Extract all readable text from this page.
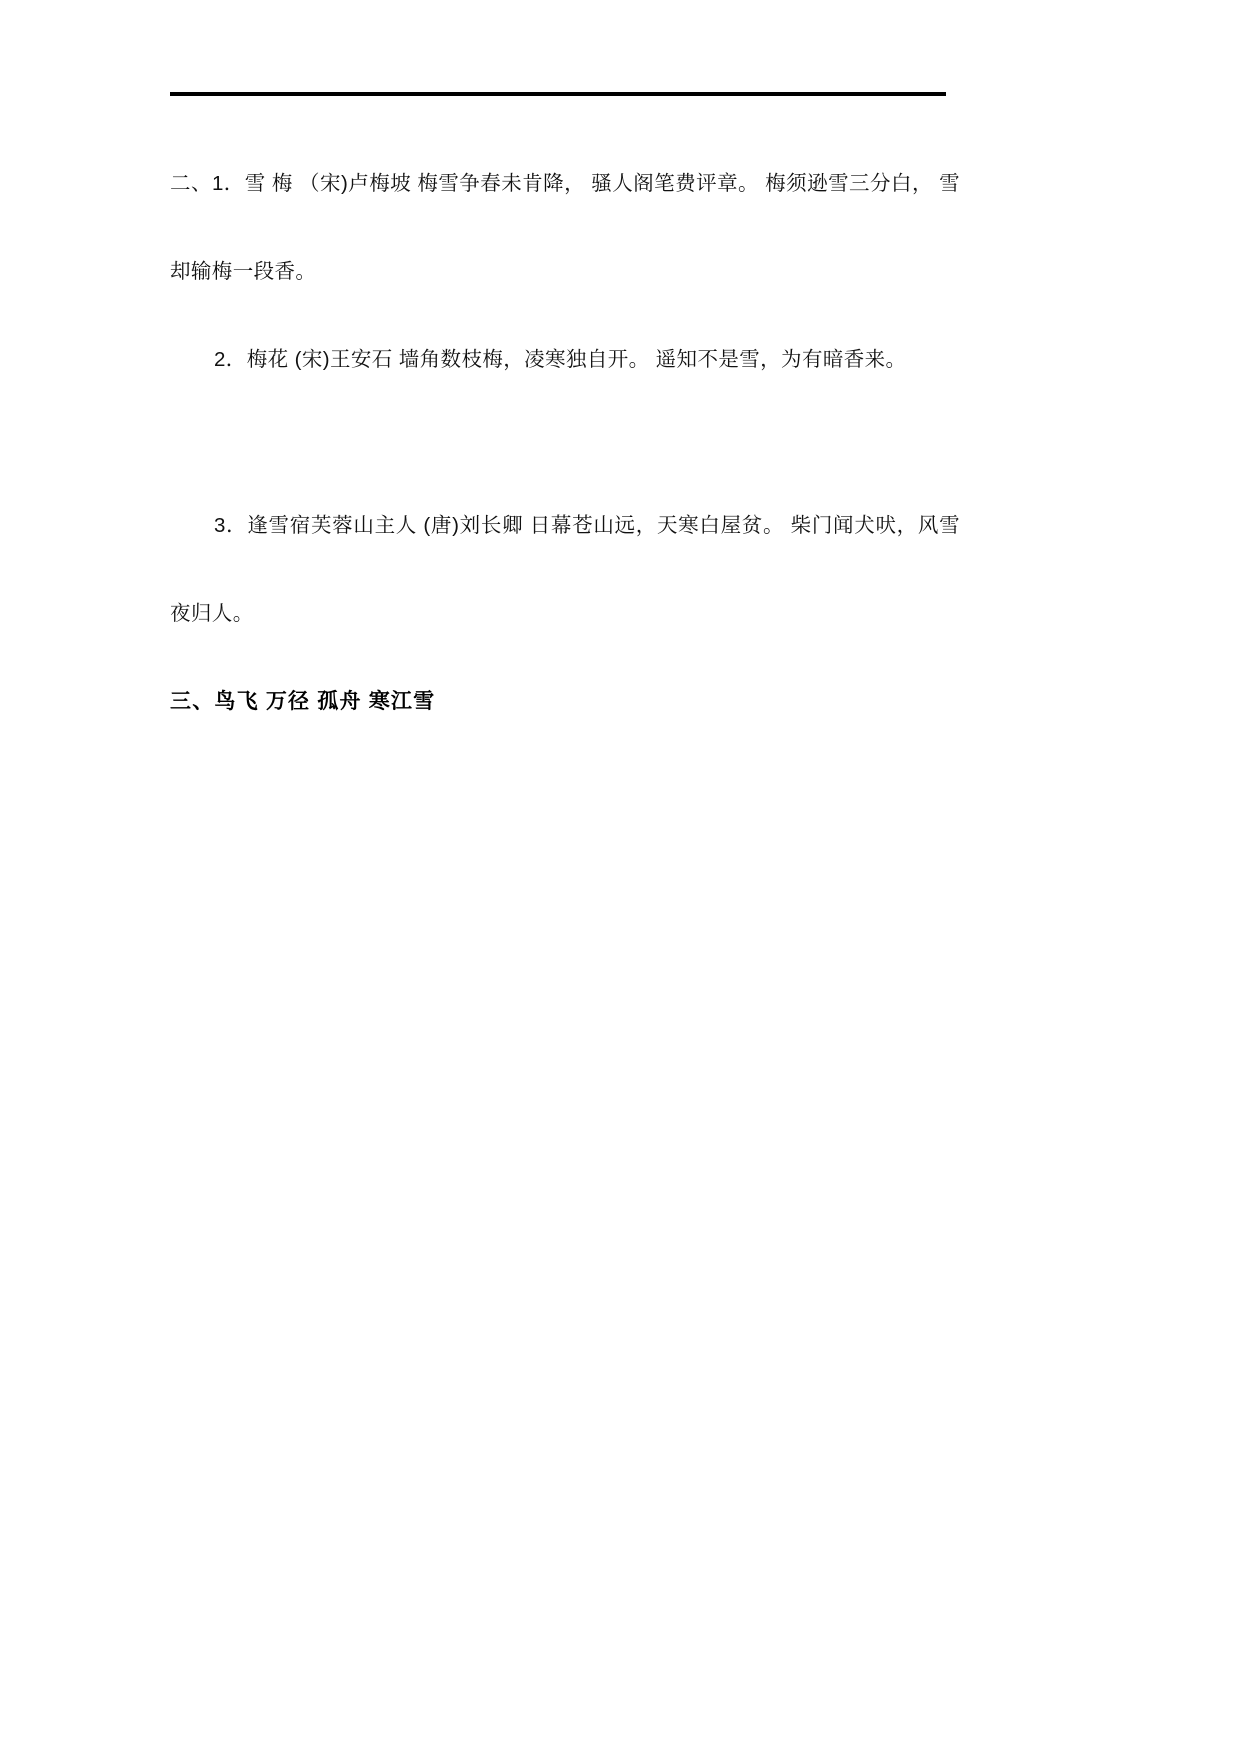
二、1．雪 梅 （宋)卢梅坡 梅雪争春未肯降， 骚人阁笔费评章。 梅须逊雪三分白， 雪却输梅一段香。

2．梅花 (宋)王安石 墙角数枝梅，凌寒独自开。 遥知不是雪，为有暗香来。

3．逢雪宿芙蓉山主人 (唐)刘长卿 日幕苍山远，天寒白屋贫。 柴门闻犬吠，风雪夜归人。

三、鸟飞 万径 孤舟 寒江雪
